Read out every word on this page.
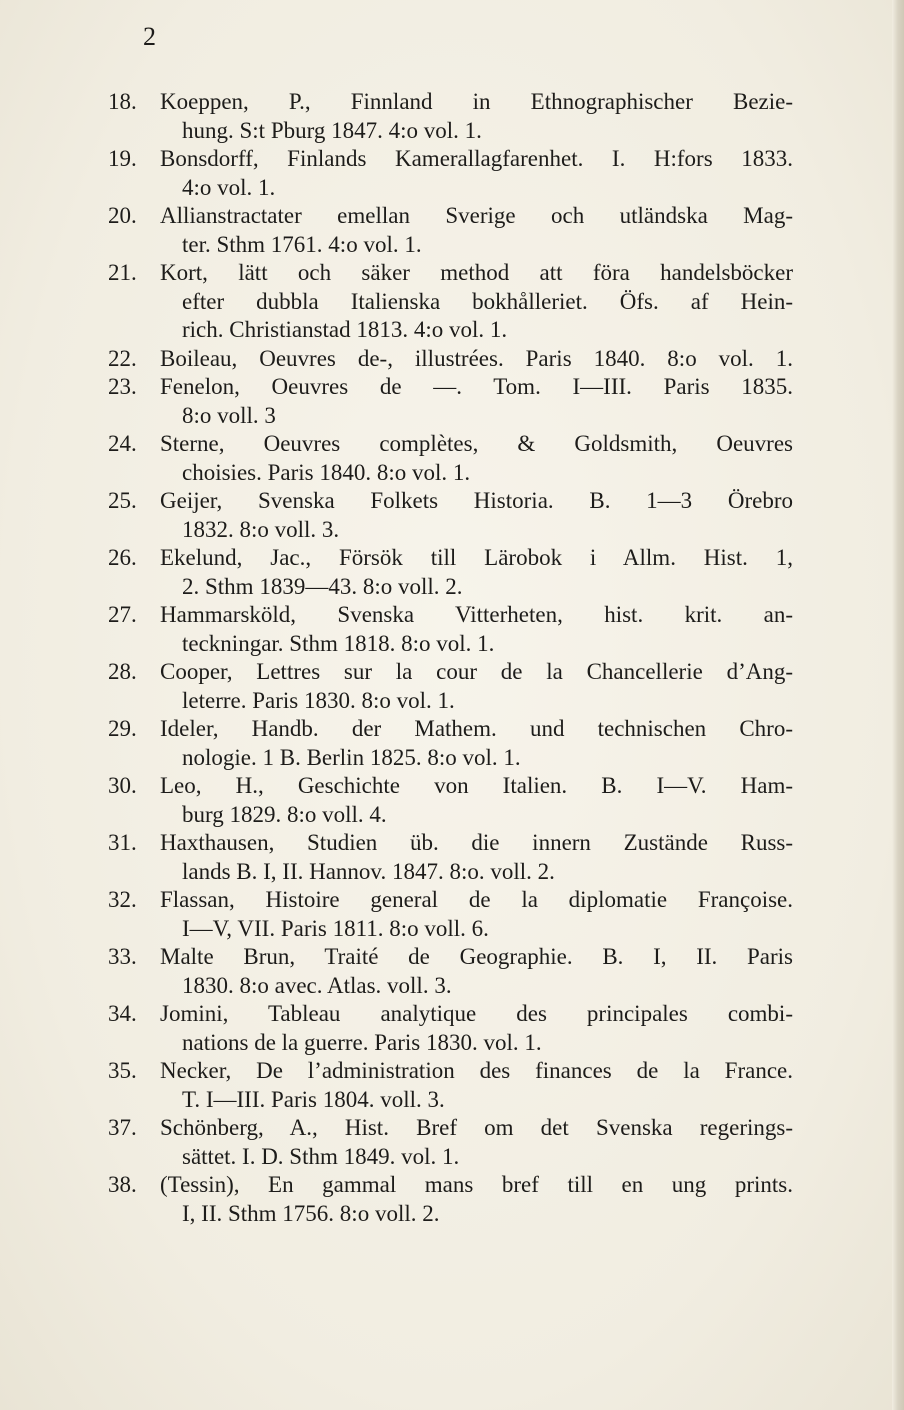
2
18.	Koeppen, P., Finnland in Ethnographischer Bezie-
hung. S:t Pburg 1847. 4:o vol. 1.
19.	Bonsdorff, Finlands Kamerallagfarenhet. I. H:fors 1833.
4:o vol. 1.
20.	Allianstractater emellan Sverige och utländska Mag-
ter. Sthm 1761. 4:o vol. 1.
21.	Kort, lätt och säker method att föra handelsböcker
efter dubbla Italienska bokhålleriet. Öfs. af Hein-
rich. Christianstad 1813. 4:o vol. 1.
22.	Boileau, Oeuvres de-, illustrées. Paris 1840. 8:o vol. 1.
23.	Fenelon, Oeuvres de —. Tom. I—III. Paris 1835.
8:o voll. 3
24.	Sterne, Oeuvres complètes, & Goldsmith, Oeuvres
choisies. Paris 1840. 8:o vol. 1.
25.	Geijer, Svenska Folkets Historia. B. 1—3 Örebro
1832. 8:o voll. 3.
26.	Ekelund, Jac., Försök till Lärobok i Allm. Hist. 1,
2. Sthm 1839—43. 8:o voll. 2.
27.	Hammarsköld, Svenska Vitterheten, hist. krit. an-
teckningar. Sthm 1818. 8:o vol. 1.
28.	Cooper, Lettres sur la cour de la Chancellerie d’Ang-
leterre. Paris 1830. 8:o vol. 1.
29.	Ideler, Handb. der Mathem. und technischen Chro-
nologie. 1 B. Berlin 1825. 8:o vol. 1.
30.	Leo, H., Geschichte von Italien. B. I—V. Ham-
burg 1829. 8:o voll. 4.
31.	Haxthausen, Studien üb. die innern Zustände Russ-
lands B. I, II. Hannov. 1847. 8:o. voll. 2.
32.	Flassan, Histoire general de la diplomatie Françoise.
I—V, VII. Paris 1811. 8:o voll. 6.
33.	Malte Brun, Traité de Geographie. B. I, II. Paris
1830. 8:o avec. Atlas. voll. 3.
34.	Jomini, Tableau analytique des principales combi-
nations de la guerre. Paris 1830. vol. 1.
35.	Necker, De l’administration des finances de la France.
T. I—III. Paris 1804. voll. 3.
37.	Schönberg, A., Hist. Bref om det Svenska regerings-
sättet. I. D. Sthm 1849. vol. 1.
38.	(Tessin), En gammal mans bref till en ung prints.
I, II. Sthm 1756. 8:o voll. 2.
